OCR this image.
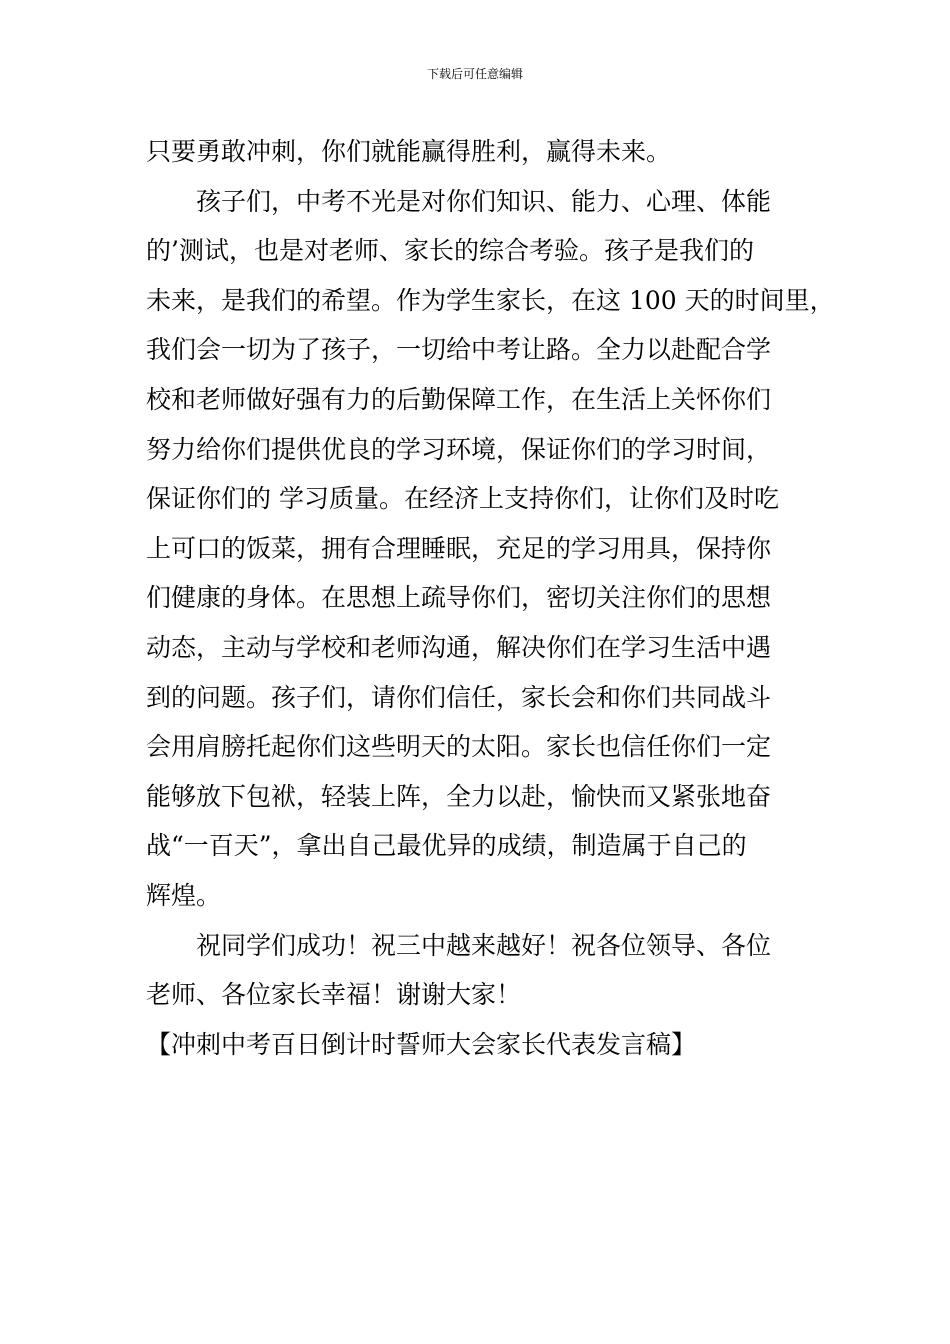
下载后可任意编辑
只要勇敢冲刺，你们就能赢得胜利，赢得未来。
　　孩子们，中考不光是对你们知识、能力、心理、体能
的’测试，也是对老师、家长的综合考验。孩子是我们的
未来，是我们的希望。作为学生家长，在这 100 天的时间里，
我们会一切为了孩子，一切给中考让路。全力以赴配合学
校和老师做好强有力的后勤保障工作，在生活上关怀你们
努力给你们提供优良的学习环境，保证你们的学习时间，
保证你们的 学习质量。在经济上支持你们，让你们及时吃
上可口的饭菜，拥有合理睡眠，充足的学习用具，保持你
们健康的身体。在思想上疏导你们，密切关注你们的思想
动态，主动与学校和老师沟通，解决你们在学习生活中遇
到的问题。孩子们，请你们信任，家长会和你们共同战斗
会用肩膀托起你们这些明天的太阳。家长也信任你们一定
能够放下包袱，轻装上阵，全力以赴，愉快而又紧张地奋
战“一百天”，拿出自己最优异的成绩，制造属于自己的
辉煌。
　　祝同学们成功！祝三中越来越好！祝各位领导、各位
老师、各位家长幸福！谢谢大家！
【冲刺中考百日倒计时誓师大会家长代表发言稿】
